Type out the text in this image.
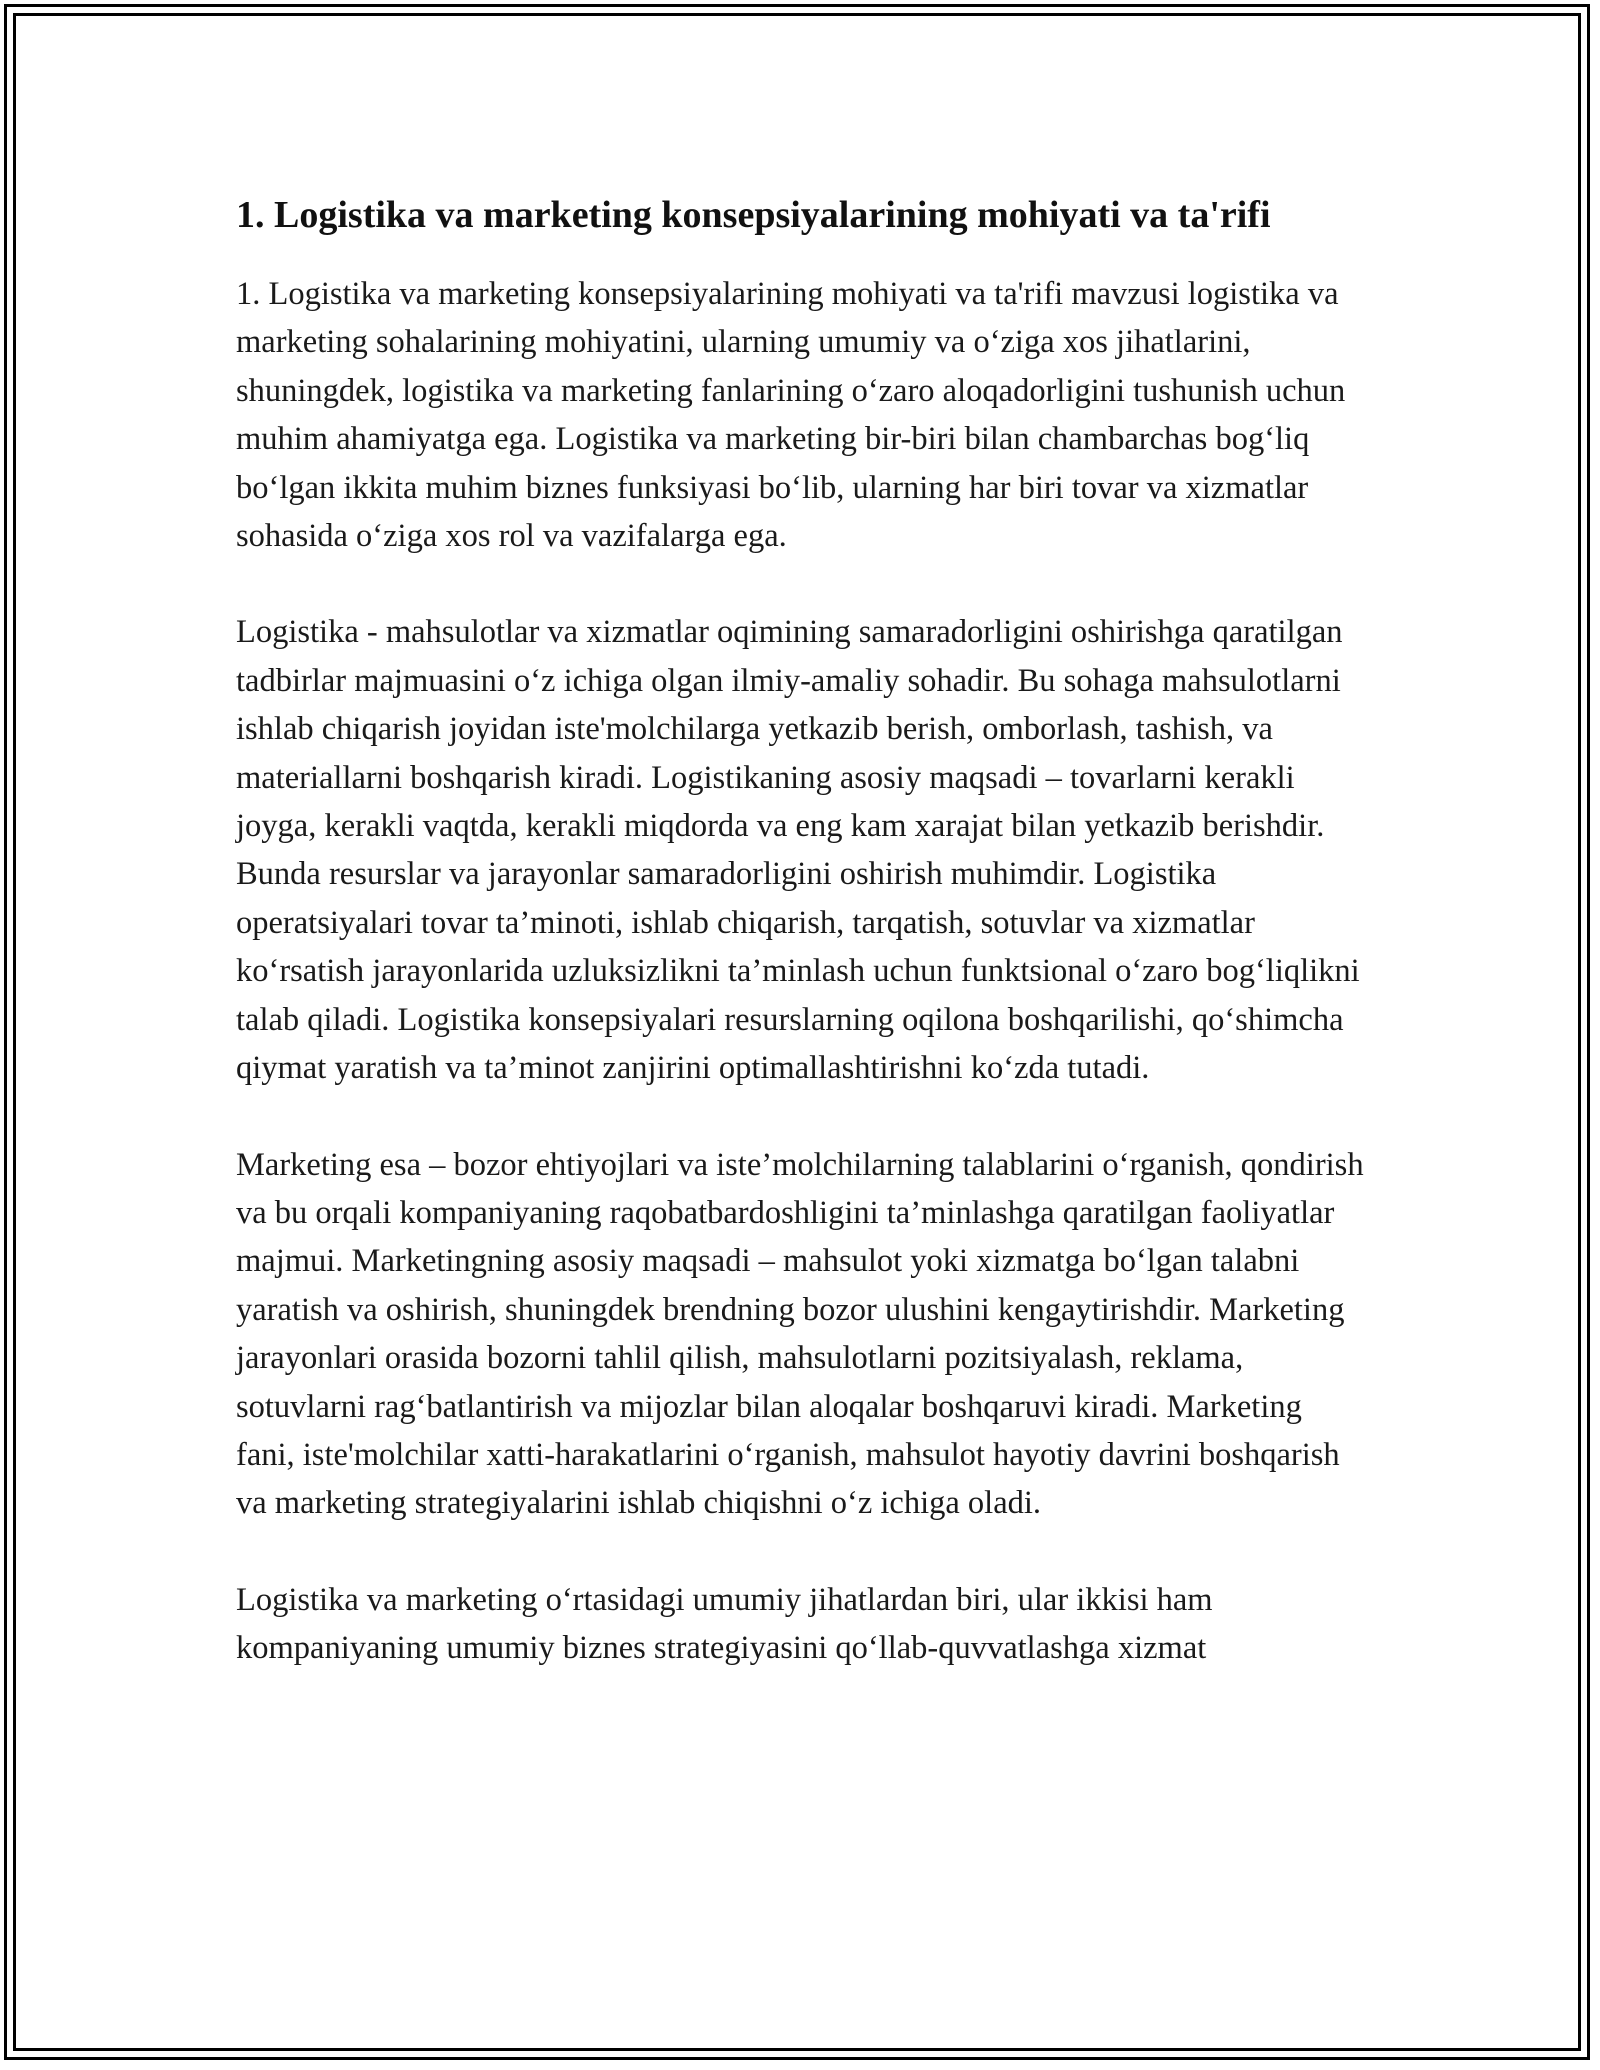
1. Logistika va marketing konsepsiyalarining mohiyati va ta'rifi

1. Logistika va marketing konsepsiyalarining mohiyati va ta'rifi mavzusi logistika va marketing sohalarining mohiyatini, ularning umumiy va o‘ziga xos jihatlarini, shuningdek, logistika va marketing fanlarining o‘zaro aloqadorligini tushunish uchun muhim ahamiyatga ega. Logistika va marketing bir-biri bilan chambarchas bog‘liq bo‘lgan ikkita muhim biznes funksiyasi bo‘lib, ularning har biri tovar va xizmatlar sohasida o‘ziga xos rol va vazifalarga ega.

Logistika - mahsulotlar va xizmatlar oqimining samaradorligini oshirishga qaratilgan tadbirlar majmuasini o‘z ichiga olgan ilmiy-amaliy sohadir. Bu sohaga mahsulotlarni ishlab chiqarish joyidan iste'molchilarga yetkazib berish, omborlash, tashish, va materiallarni boshqarish kiradi. Logistikaning asosiy maqsadi – tovarlarni kerakli joyga, kerakli vaqtda, kerakli miqdorda va eng kam xarajat bilan yetkazib berishdir. Bunda resurslar va jarayonlar samaradorligini oshirish muhimdir. Logistika operatsiyalari tovar ta’minoti, ishlab chiqarish, tarqatish, sotuvlar va xizmatlar ko‘rsatish jarayonlarida uzluksizlikni ta’minlash uchun funktsional o‘zaro bog‘liqlikni talab qiladi. Logistika konsepsiyalari resurslarning oqilona boshqarilishi, qo‘shimcha qiymat yaratish va ta’minot zanjirini optimallashtirishni ko‘zda tutadi.

Marketing esa – bozor ehtiyojlari va iste’molchilarning talablarini o‘rganish, qondirish va bu orqali kompaniyaning raqobatbardoshligini ta’minlashga qaratilgan faoliyatlar majmui. Marketingning asosiy maqsadi – mahsulot yoki xizmatga bo‘lgan talabni yaratish va oshirish, shuningdek brendning bozor ulushini kengaytirishdir. Marketing jarayonlari orasida bozorni tahlil qilish, mahsulotlarni pozitsiyalash, reklama, sotuvlarni rag‘batlantirish va mijozlar bilan aloqalar boshqaruvi kiradi. Marketing fani, iste'molchilar xatti-harakatlarini o‘rganish, mahsulot hayotiy davrini boshqarish va marketing strategiyalarini ishlab chiqishni o‘z ichiga oladi.

Logistika va marketing o‘rtasidagi umumiy jihatlardan biri, ular ikkisi ham kompaniyaning umumiy biznes strategiyasini qo‘llab-quvvatlashga xizmat
